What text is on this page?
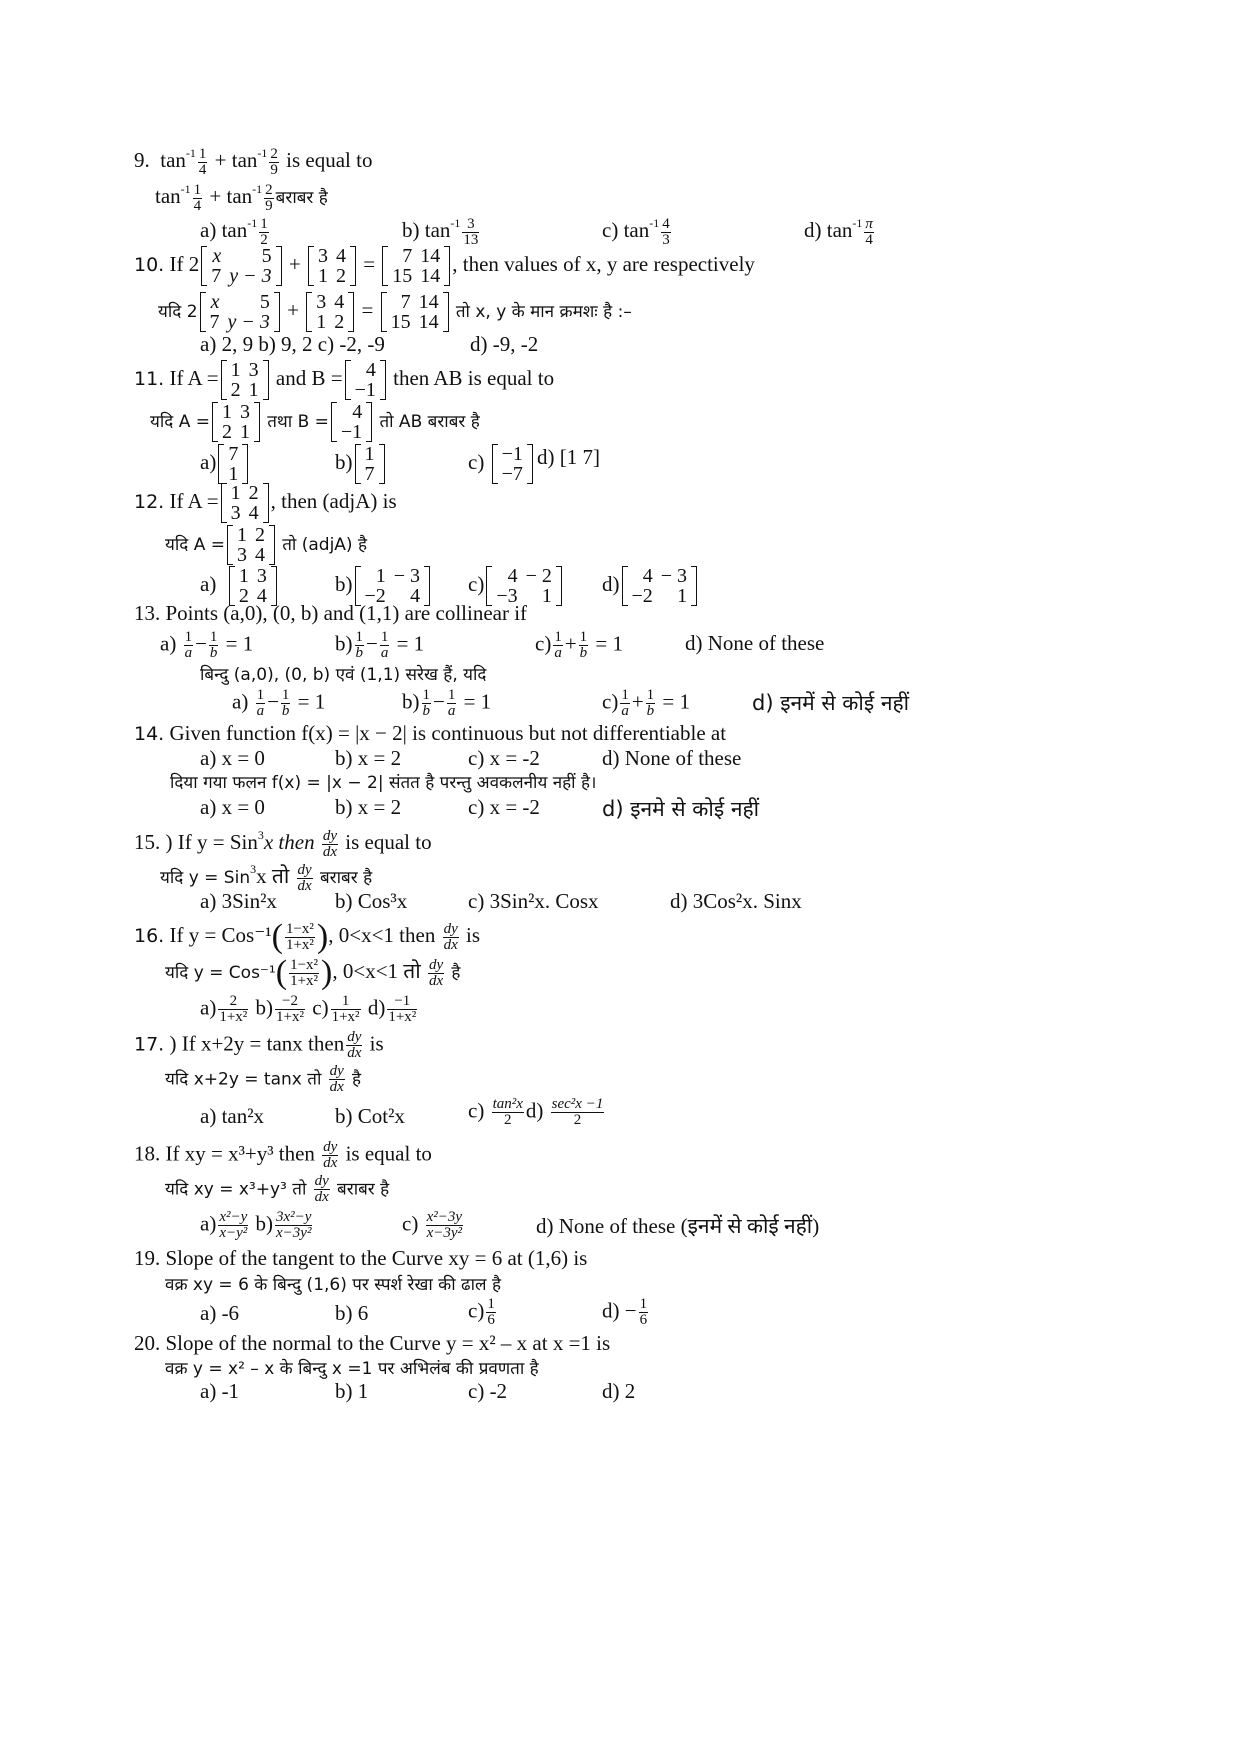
9. $\tan^{-1} \frac{1}{4} + \tan^{-1} \frac{2}{9}$ is equal to
$\tan^{-1} \frac{1}{4} + \tan^{-1} \frac{2}{9}$ बराबर है
a) $\tan^{-1} \frac{1}{2}$	b) $\tan^{-1} \frac{3}{13}$	c) $\tan^{-1} \frac{4}{3}$	d) $\tan^{-1} \frac{\pi}{4}$
10. If 2 x	5
7	y − 3
+ 3	4
1	2
= 7	14
15	14
, then values of x, y are respectively
यदि 2 x	5
7	y − 3
+ 3	4
1	2
= 7	14
15	14 तो x, y के मान क्रमशः है :–
a) 2, 9 b) 9, 2 c) -2, -9	d) -9, -2
11. If A = 1	3
2	1
and B = 4
−1
then AB is equal to
यदि A = 1	3
2	1 तथा B = 4
−1 तो AB बराबर है
a) 7
1
b) 1
7
c) −1
−7
d) [1 7]
12. If A = 1	2
3	4
, then (adjA) is
यदि A = 1	2
3	4 तो (adjA) है
a) 1	3
2	4
b) 1	− 3
−2	4
c) 4	− 2
−3	1
d) 4	− 3
−2	1
13. Points (a,0), (0, b) and (1,1) are collinear if
$a) \frac{1}{a} - \frac{1}{b} = 1$	$b) \frac{1}{b} - \frac{1}{a} = 1$	$c) \frac{1}{a} + \frac{1}{b} = 1$	d) None of these
बिन्दु (a,0), (0, b) एवं (1,1) सरेख हैं, यदि
$a) \frac{1}{a} - \frac{1}{b} = 1$	$b) \frac{1}{b} - \frac{1}{a} = 1$	$c) \frac{1}{a} + \frac{1}{b} = 1$	d) इनमें से कोई नहीं
14. Given function f(x) = |x − 2| is continuous but not differentiable at
a) x = 0	b) x = 2	c) x = -2	d) None of these
दिया गया फलन f(x) = |x − 2| संतत है परन्तु अवकलनीय नहीं है।
a) x = 0	b) x = 2	c) x = -2	d) इनमे से कोई नहीं
15. ) If y = Sin$^3$x then $\frac{dy}{dx}$ is equal to
यदि y = Sin$^3$x तो $\frac{dy}{dx}$ बराबर है
a) 3Sin²x	b) Cos³x	c) 3Sin²x. Cosx	d) 3Cos²x. Sinx
16. If $y = Cos^{-1}( \frac{\text{1−x²}}{\text{1+x²}}$ ), 0<x<1 then $\frac{dy}{dx}$ is
यदि $y = Cos^{-1}( \frac{\text{1−x²}}{\text{1+x²}}$ ), 0<x<1 तो $\frac{dy}{dx}$ है
$a) \frac{2}{\text{1+x²}} b) \frac{-2}{\text{1+x²}} c) \frac{1}{\text{1+x²}} d) \frac{-1}{\text{1+x²}}$
17. ) If x+2y = tanx then $\frac{dy}{dx}$ is
यदि x+2y = tanx तो $\frac{dy}{dx}$ है
a) tan²x	b) Cot²x	$c) \frac{\text{tan²x}}{2} d) \frac{\text{sec²x −1}}{2}$
18. If xy = x³+y³ then $\frac{dy}{dx}$ is equal to
यदि xy = x³+y³ तो $\frac{dy}{dx}$ बराबर है
$a) \frac{\text{x²−y}}{\text{x−y²}} b) \frac{\text{3x²−y}}{\text{x−3y²}}$	$c) \frac{\text{x²−3y}}{\text{x−3y²}}$	d) None of these (इनमें से कोई नहीं)
19. Slope of the tangent to the Curve xy = 6 at (1,6) is
वक्र xy = 6 के बिन्दु (1,6) पर स्पर्श रेखा की ढाल है
a) -6	b) 6	$c) \frac{1}{6}$	$d) - \frac{1}{6}$
20. Slope of the normal to the Curve y = x² – x at x =1 is
वक्र y = x² – x के बिन्दु x =1 पर अभिलंब की प्रवणता है
a) -1	b) 1	c) -2	d) 2
